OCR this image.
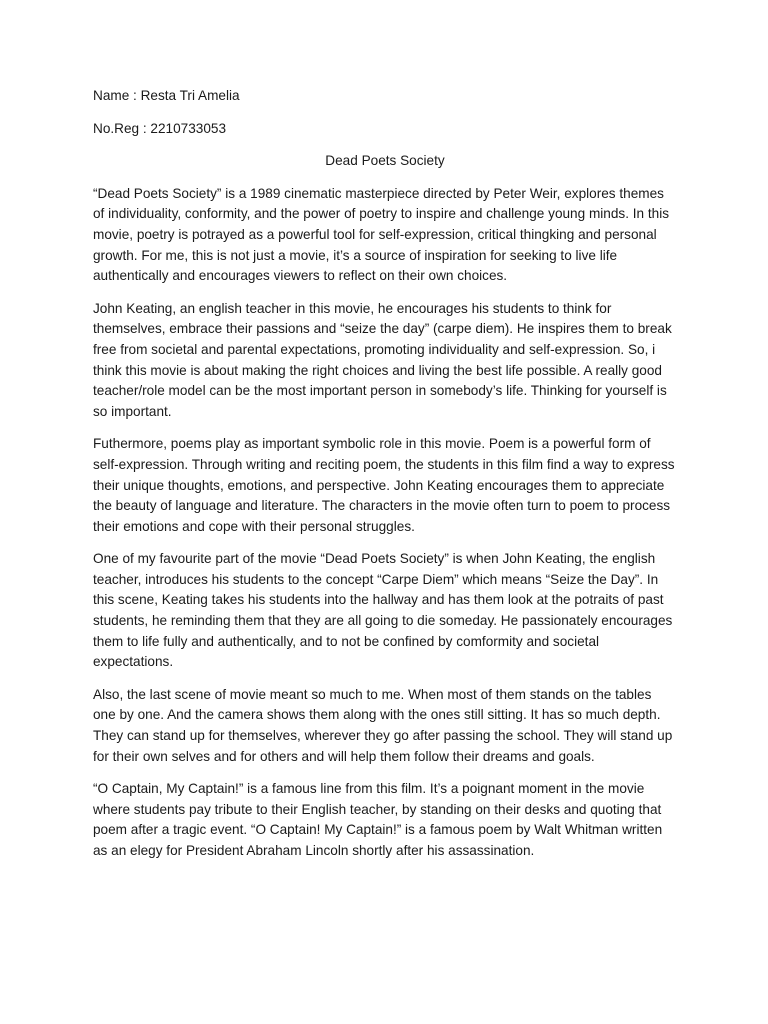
Name : Resta Tri Amelia

No.Reg : 2210733053

Dead Poets Society

“Dead Poets Society” is a 1989 cinematic masterpiece directed by Peter Weir, explores themes of individuality, conformity, and the power of poetry to inspire and challenge young minds. In this movie, poetry is potrayed as a powerful tool for self-expression, critical thingking and personal growth. For me, this is not just a movie, it’s a source of inspiration for seeking to live life authentically and encourages viewers to reflect on their own choices.

John Keating, an english teacher in this movie, he encourages his students to think for themselves, embrace their passions and “seize the day” (carpe diem). He inspires them to break free from societal and parental expectations, promoting individuality and self-expression. So, i think this movie is about making the right choices and living the best life possible. A really good teacher/role model can be the most important person in somebody’s life. Thinking for yourself is so important.

Futhermore, poems play as important symbolic role in this movie. Poem is a powerful form of self-expression. Through writing and reciting poem, the students in this film find a way to express their unique thoughts, emotions, and perspective. John Keating encourages them to appreciate the beauty of language and literature. The characters in the movie often turn to poem to process their emotions and cope with their personal struggles.

One of my favourite part of the movie “Dead Poets Society” is when John Keating, the english teacher, introduces his students to the concept “Carpe Diem” which means “Seize the Day”. In this scene, Keating takes his students into the hallway and has them look at the potraits of past students, he reminding them that they are all going to die someday. He passionately encourages them to life fully and authentically, and to not be confined by comformity and societal expectations.

Also, the last scene of movie meant so much to me. When most of them stands on the tables one by one. And the camera shows them along with the ones still sitting. It has so much depth. They can stand up for themselves, wherever they go after passing the school. They will stand up for their own selves and for others and will help them follow their dreams and goals.

“O Captain, My Captain!” is a famous line from this film. It’s a poignant moment in the movie where students pay tribute to their English teacher, by standing on their desks and quoting that poem after a tragic event. “O Captain! My Captain!” is a famous poem by Walt Whitman written as an elegy for President Abraham Lincoln shortly after his assassination.
